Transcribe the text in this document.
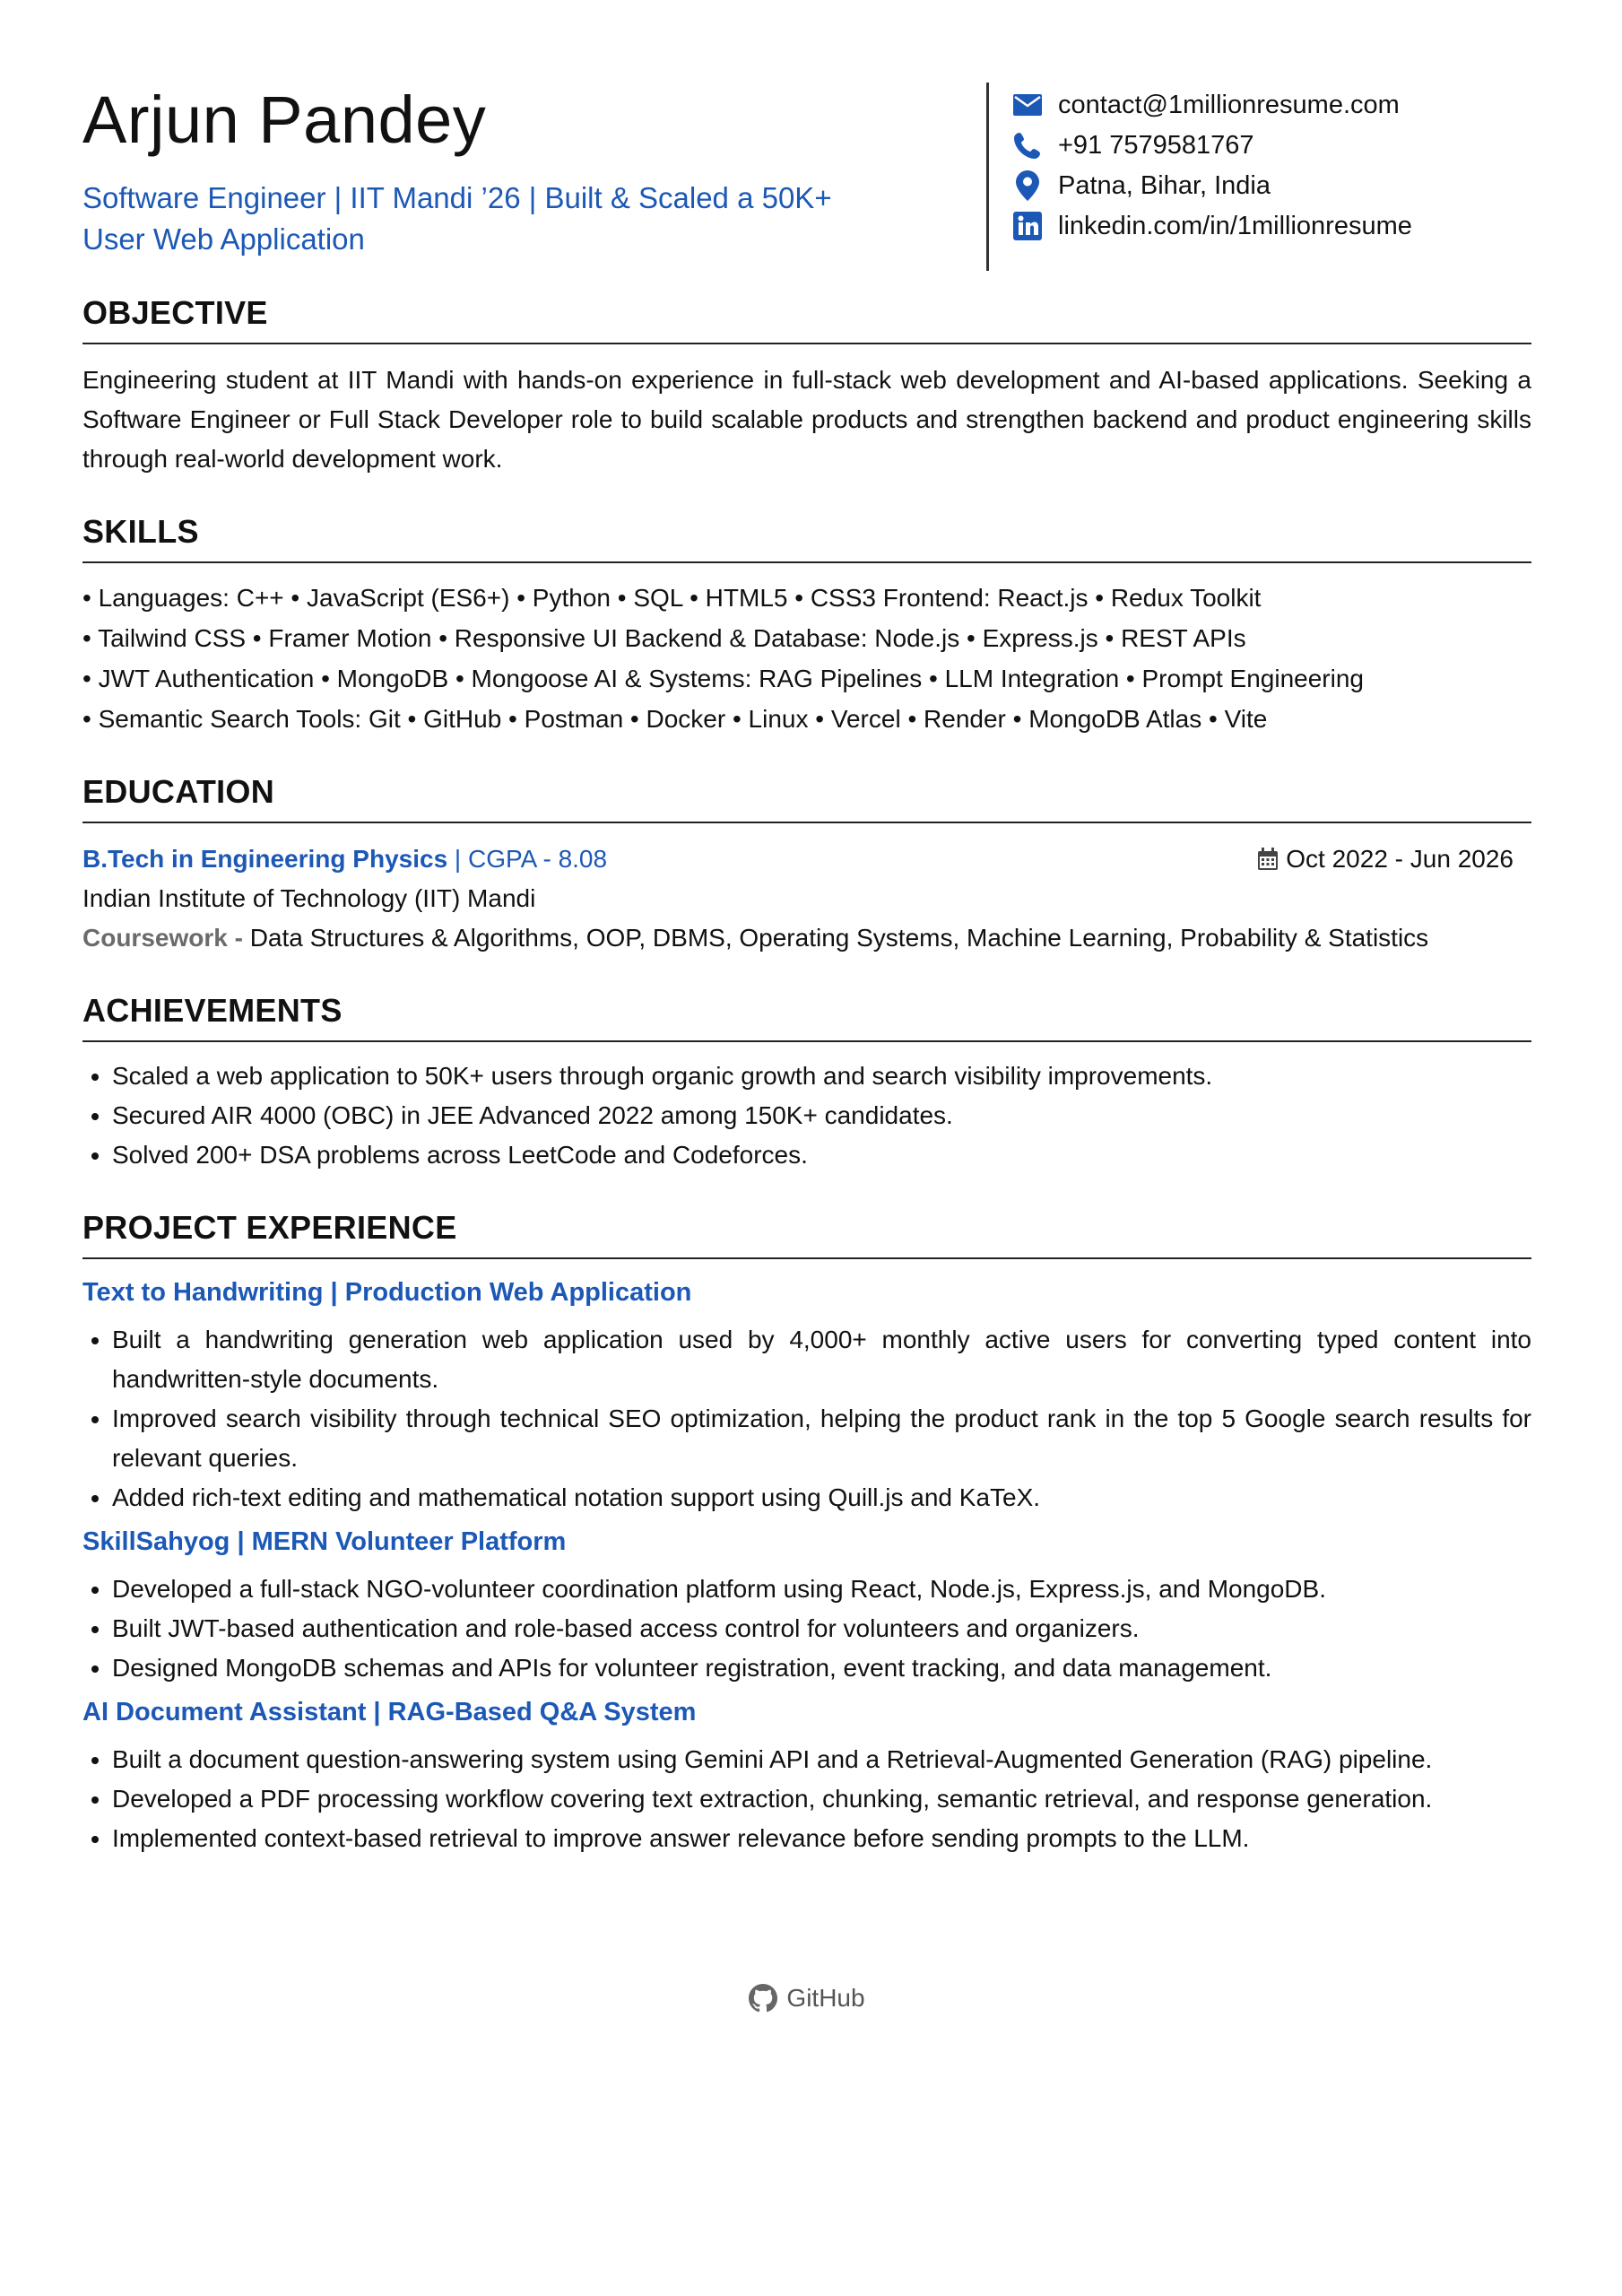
Arjun Pandey
Software Engineer | IIT Mandi ’26 | Built & Scaled a 50K+
User Web Application
contact@1millionresume.com
+91 7579581767
Patna, Bihar, India
linkedin.com/in/1millionresume
OBJECTIVE
Engineering student at IIT Mandi with hands-on experience in full-stack web development and AI-based applications. Seeking a Software Engineer or Full Stack Developer role to build scalable products and strengthen backend and product engineering skills through real-world development work.
SKILLS
• Languages: C++ • JavaScript (ES6+) • Python • SQL • HTML5 • CSS3 Frontend: React.js • Redux Toolkit
• Tailwind CSS • Framer Motion • Responsive UI Backend & Database: Node.js • Express.js • REST APIs
• JWT Authentication • MongoDB • Mongoose AI & Systems: RAG Pipelines • LLM Integration • Prompt Engineering
• Semantic Search Tools: Git • GitHub • Postman • Docker • Linux • Vercel • Render • MongoDB Atlas • Vite
EDUCATION
B.Tech in Engineering Physics | CGPA - 8.08	Oct 2022 - Jun 2026
Indian Institute of Technology (IIT) Mandi
Coursework - Data Structures & Algorithms, OOP, DBMS, Operating Systems, Machine Learning, Probability & Statistics
ACHIEVEMENTS
• Scaled a web application to 50K+ users through organic growth and search visibility improvements.
• Secured AIR 4000 (OBC) in JEE Advanced 2022 among 150K+ candidates.
• Solved 200+ DSA problems across LeetCode and Codeforces.
PROJECT EXPERIENCE
Text to Handwriting | Production Web Application
• Built a handwriting generation web application used by 4,000+ monthly active users for converting typed content into handwritten-style documents.
• Improved search visibility through technical SEO optimization, helping the product rank in the top 5 Google search results for relevant queries.
• Added rich-text editing and mathematical notation support using Quill.js and KaTeX.
SkillSahyog | MERN Volunteer Platform
• Developed a full-stack NGO-volunteer coordination platform using React, Node.js, Express.js, and MongoDB.
• Built JWT-based authentication and role-based access control for volunteers and organizers.
• Designed MongoDB schemas and APIs for volunteer registration, event tracking, and data management.
AI Document Assistant | RAG-Based Q&A System
• Built a document question-answering system using Gemini API and a Retrieval-Augmented Generation (RAG) pipeline.
• Developed a PDF processing workflow covering text extraction, chunking, semantic retrieval, and response generation.
• Implemented context-based retrieval to improve answer relevance before sending prompts to the LLM.
GitHub
